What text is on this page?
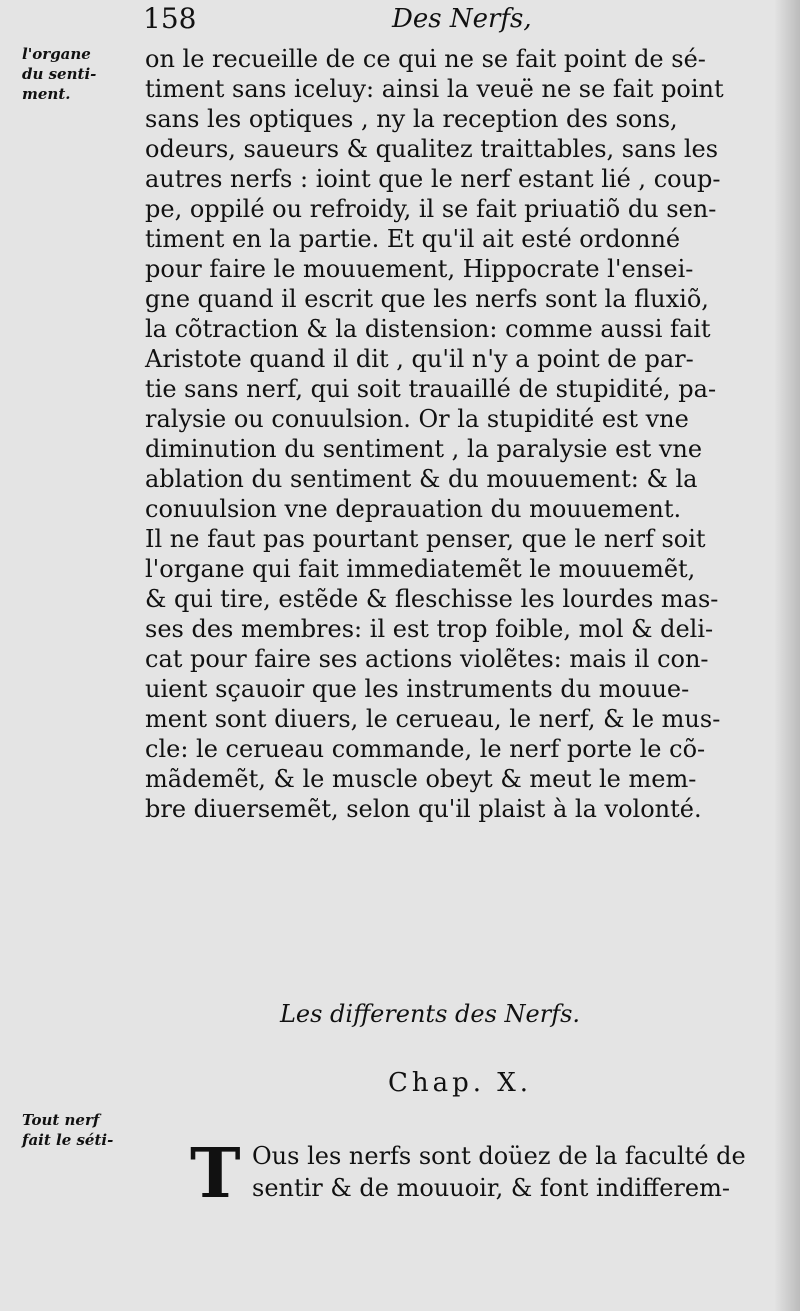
158	Des Nerfs,
l'organe
du senti-
ment.
on le recueille de ce qui ne se fait point de sé-
timent sans iceluy: ainsi la veuë ne se fait point
sans les optiques , ny la reception des sons,
odeurs, saueurs & qualitez traittables, sans les
autres nerfs : ioint que le nerf estant lié , coup-
pe, oppilé ou refroidy, il se fait priuatiõ du sen-
timent en la partie. Et qu'il ait esté ordonné
pour faire le mouuement, Hippocrate l'ensei-
gne quand il escrit que les nerfs sont la fluxiõ,
la cõtraction & la distension: comme aussi fait
Aristote quand il dit , qu'il n'y a point de par-
tie sans nerf, qui soit trauaillé de stupidité, pa-
ralysie ou conuulsion. Or la stupidité est vne
diminution du sentiment , la paralysie est vne
ablation du sentiment & du mouuement: & la
conuulsion vne deprauation du mouuement.
Il ne faut pas pourtant penser, que le nerf soit
l'organe qui fait immediatemẽt le mouuemẽt,
& qui tire, estẽde & fleschisse les lourdes mas-
ses des membres: il est trop foible, mol & deli-
cat pour faire ses actions violẽtes: mais il con-
uient sçauoir que les instruments du mouue-
ment sont diuers, le cerueau, le nerf, & le mus-
cle: le cerueau commande, le nerf porte le cõ-
mãdemẽt, & le muscle obeyt & meut le mem-
bre diuersemẽt, selon qu'il plaist à la volonté.
Les differents des Nerfs.
Chap. X.
Tout nerf
fait le séti-	T Ous les nerfs sont doüez de la faculté de
sentir & de mouuoir, & font indifferem-
